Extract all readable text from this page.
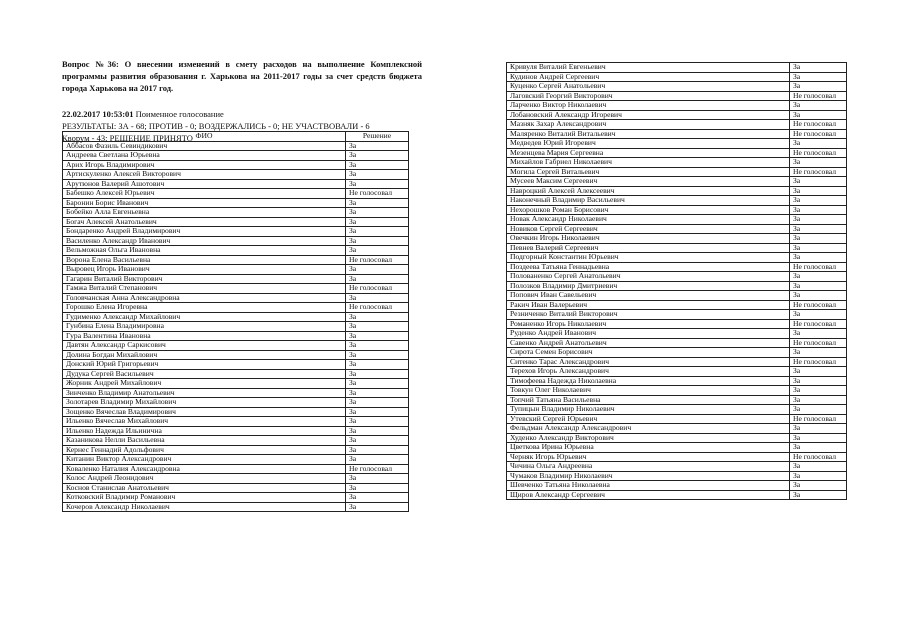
Вопрос №36: О внесении изменений в смету расходов на выполнение Комплексной программы развития образования г. Харькова на 2011-2017 годы за счет средств бюджета города Харькова на 2017 год.
22.02.2017 10:53:01 Поименное голосование
РЕЗУЛЬТАТЫ: ЗА - 68; ПРОТИВ - 0; ВОЗДЕРЖАЛИСЬ - 0; НЕ УЧАСТВОВАЛИ - 6
Кворум - 43; РЕШЕНИЕ ПРИНЯТО ФИО	Решение
Аббасов Фазиль Севиндикович	За
Андреева Светлана Юрьевна	За
Арих Игорь Владимирович	За
Артискуленко Алексей Викторович	За
Арутюнов Валерий Ашотович	За
Бабешко Алексей Юрьевич	Не голосовал
Баронин Борис Иванович	За
Бобейко Алла Евгеньевна	За
Богач Алексей Анатольевич	За
Бондаренко Андрей Владимирович	За
Василенко Александр Иванович	За
Вельможная Ольга Ивановна	За
Ворона Елена Васильевна	Не голосовал
Выровец Игорь Иванович	За
Гагарин Виталий Викторович	За
Гамжа Виталий Степанович	Не голосовал
Головчанская Анна Александровна	За
Горошко Елена Игоревна	Не голосовал
Гудименко Александр Михайлович	За
Гунбина Елена Владимировна	За
Гура Валентина Ивановна	За
Давтян Александр Саркисович	За
Долина Богдан Михайлович	За
Донский Юрий Григорьевич	За
Дудука Сергей Васильевич	За
Жорник Андрей Михайлович	За
Зинченко Владимир Анатольевич	За
Золотарев Владимир Михайлович	За
Зощенко Вячеслав Владимирович	За
Ильенко Вячеслав Михайлович	За
Ильенко Надежда Ильинична	За
Казаникова Нелли Васильевна	За
Кернес Геннадий Адольфович	За
Китанин Виктор Александрович	За
Коваленко Наталия Александровна	Не голосовал
Колос Андрей Леонидович	За
Коснов Станислав Анатольевич	За
Котковский Владимир Романович	За
Кочеров Александр Николаевич	За
Кривуля Виталий Евгеньевич	За
Кудинов Андрей Сергеевич	За
Куценко Сергей Анатольевич	За
Лаговский Георгий Викторович	Не голосовал
Ларченко Виктор Николаевич	За
Лобановский Александр Игоревич	За
Мазняк Захар Александрович	Не голосовал
Маляренко Виталий Витальевич	Не голосовал
Медведев Юрий Игоревич	За
Мезенцева Мария Сергеевна	Не голосовал
Михайлов Габриел Николаевич	За
Могила Сергей Витальевич	Не голосовал
Мусеев Максим Сергеевич	За
Навроцкий Алексей Алексеевич	За
Наконечный Владимир Васильевич	За
Нехорошков Роман Борисович	За
Новак Александр Николаевич	За
Новиков Сергей Сергеевич	За
Овечкин Игорь Николаевич	За
Певнев Валерий Сергеевич	За
Подгорный Константин Юрьевич	За
Поздеева Татьяна Геннадьевна	Не голосовал
Полованенко Сергей Анатольевич	За
Полозков Владимир Дмитриевич	За
Попович Иван Савельевич	За
Ракич Иван Валерьевич	Не голосовал
Резниченко Виталий Викторович	За
Романенко Игорь Николаевич	Не голосовал
Руденко Андрей Иванович	За
Савенко Андрей Анатольевич	Не голосовал
Сирота Семен Борисович	За
Ситенко Тарас Александрович	Не голосовал
Терехов Игорь Александрович	За
Тимофеева Надежда Николаевна	За
Товкун Олег Николаевич	За
Топчий Татьяна Васильевна	За
Тупицын Владимир Николаевич	За
Утевский Сергей Юрьевич	Не голосовал
Фельдман Александр Александрович	За
Худенко Александр Викторович	За
Цветкова Ирина Юрьевна	За
Черняк Игорь Юрьевич	Не голосовал
Чичина Ольга Андреевна	За
Чумаков Владимир Николаевич	За
Шевченко Татьяна Николаевна	За
Щиров Александр Сергеевич	За
